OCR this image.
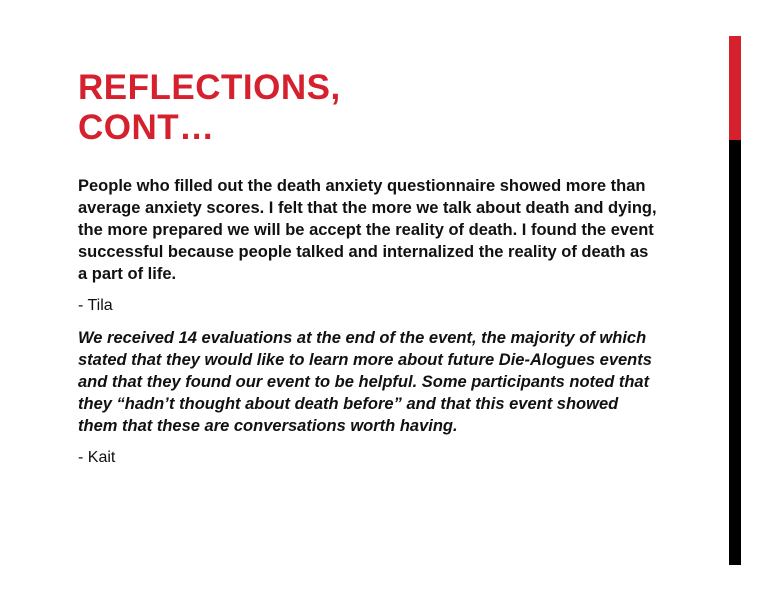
REFLECTIONS,
CONT…

People who filled out the death anxiety questionnaire showed more than average anxiety scores. I felt that the more we talk about death and dying, the more prepared we will be accept the reality of death. I found the event successful because people talked and internalized the reality of death as a part of life.

- Tila

We received 14 evaluations at the end of the event, the majority of which stated that they would like to learn more about future Die-Alogues events and that they found our event to be helpful. Some participants noted that they “hadn’t thought about death before” and that this event showed them that these are conversations worth having.

- Kait
